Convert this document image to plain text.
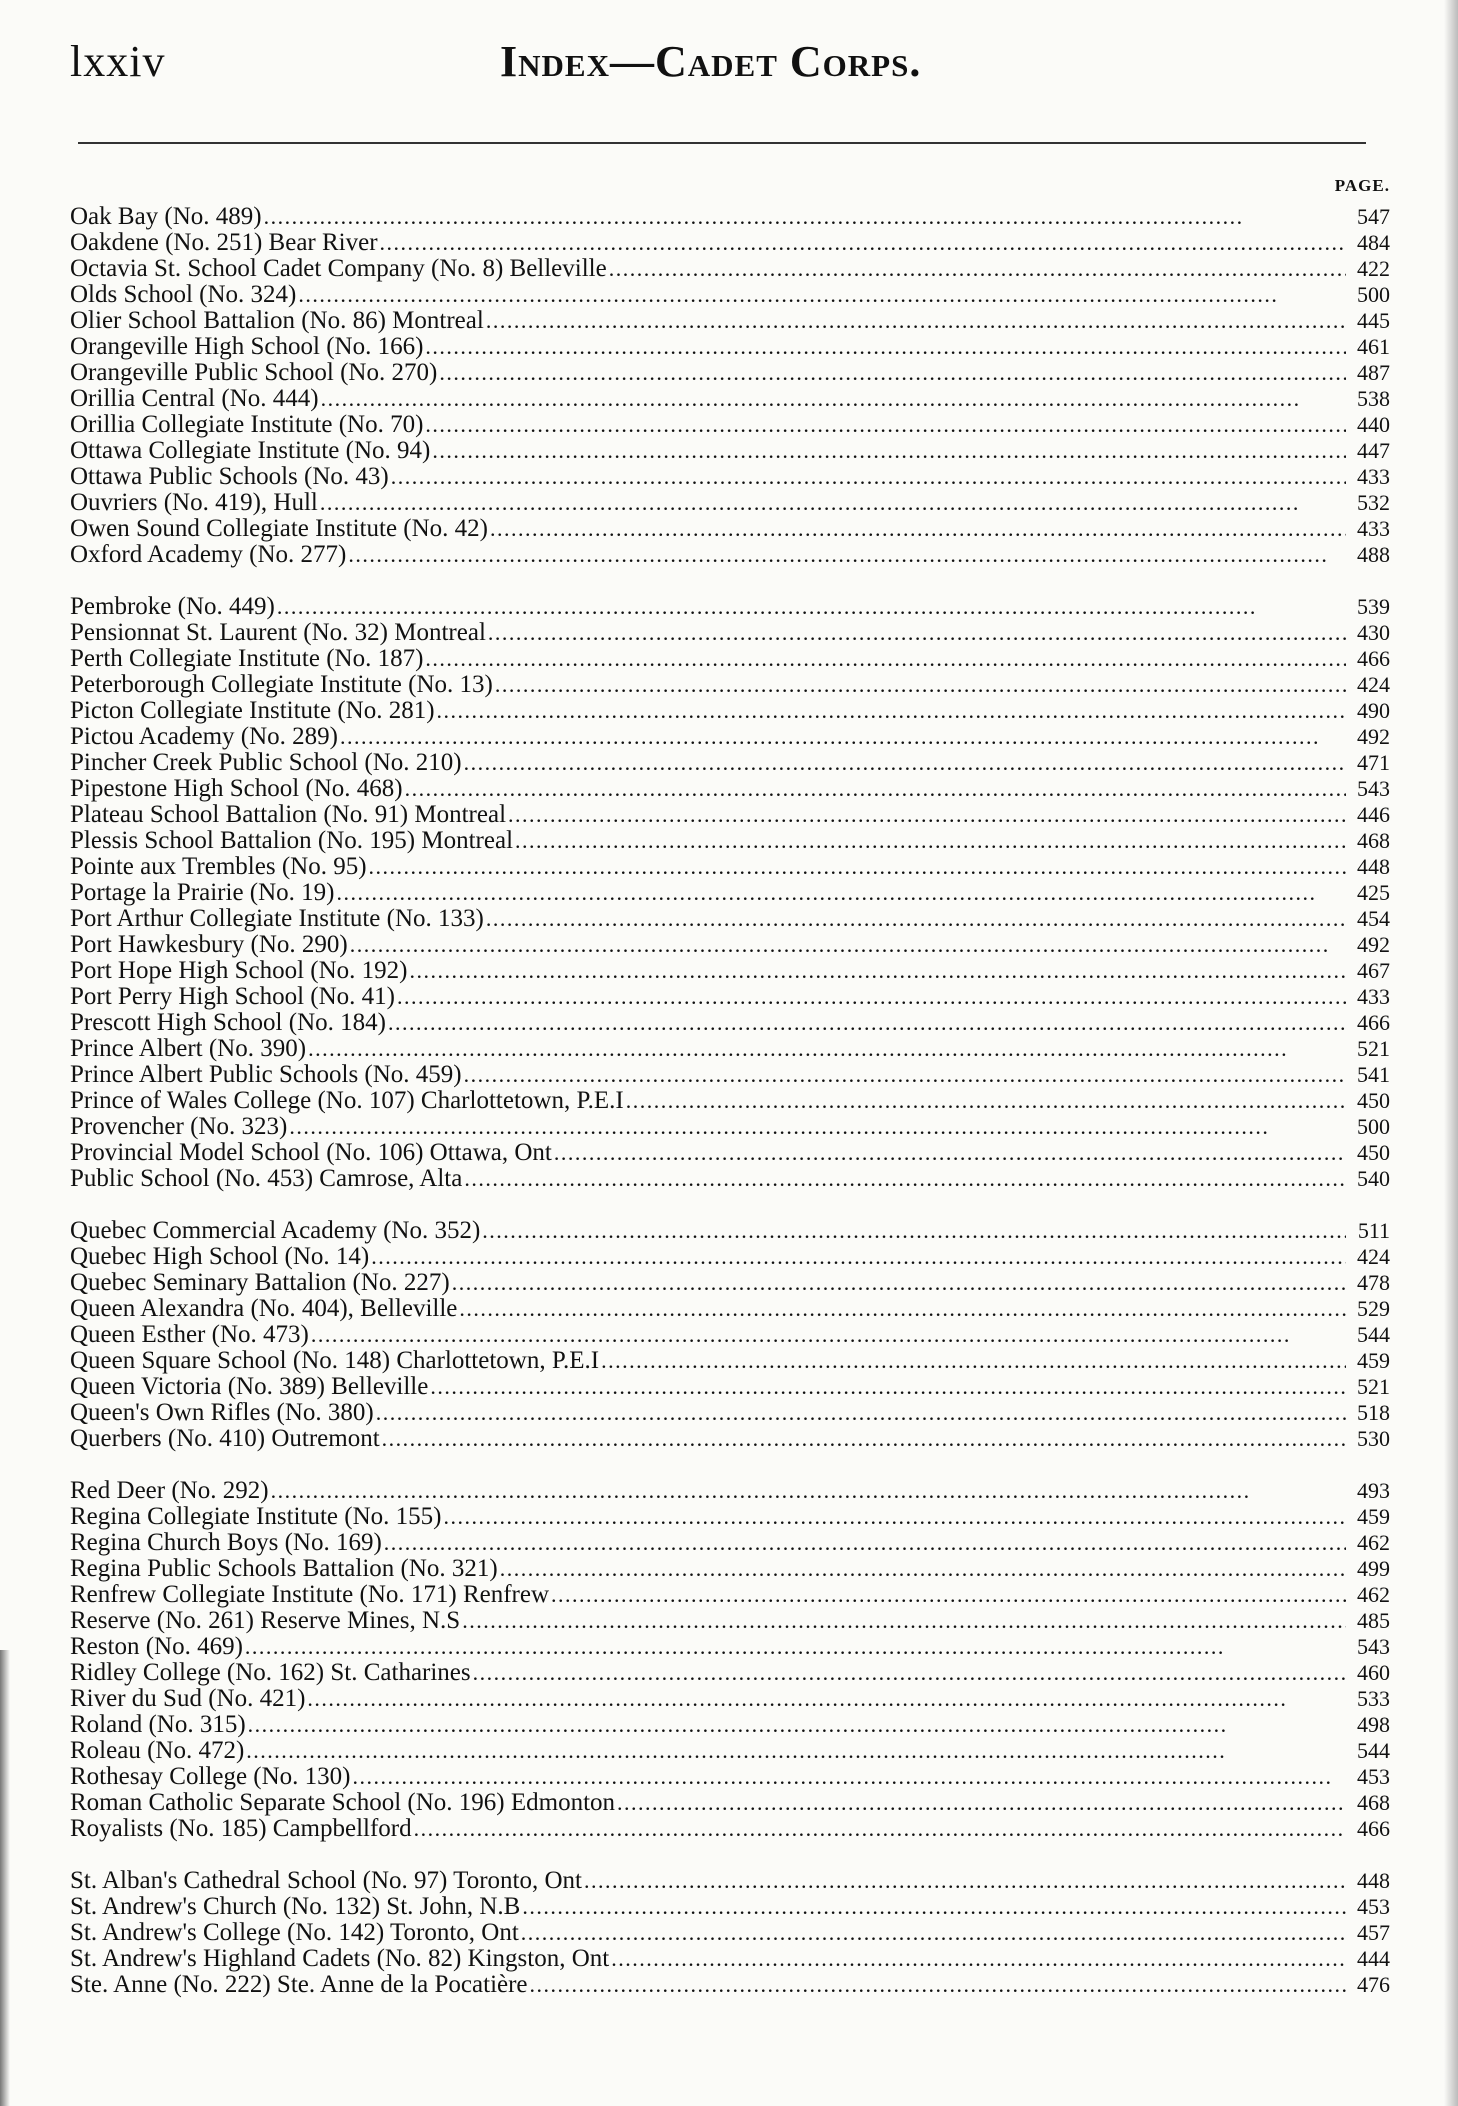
lxxiv	Index—Cadet Corps.
PAGE.
Oak Bay (No. 489) . . .	547
Oakdene (No. 251) Bear River . . .	484
Octavia St. School Cadet Company (No. 8) Belleville . . .	422
Olds School (No. 324) . . .	500
Olier School Battalion (No. 86) Montreal . . .	445
Orangeville High School (No. 166) . . .	461
Orangeville Public School (No. 270) . . .	487
Orillia Central (No. 444) . . .	538
Orillia Collegiate Institute (No. 70) . . .	440
Ottawa Collegiate Institute (No. 94) . . .	447
Ottawa Public Schools (No. 43) . . .	433
Ouvriers (No. 419), Hull . . .	532
Owen Sound Collegiate Institute (No. 42) . . .	433
Oxford Academy (No. 277) . . .	488
Pembroke (No. 449) . . .	539
Pensionnat St. Laurent (No. 32) Montreal . . .	430
Perth Collegiate Institute (No. 187) . . .	466
Peterborough Collegiate Institute (No. 13) . . .	424
Picton Collegiate Institute (No. 281) . . .	490
Pictou Academy (No. 289) . . .	492
Pincher Creek Public School (No. 210) . . .	471
Pipestone High School (No. 468) . . .	543
Plateau School Battalion (No. 91) Montreal . . .	446
Plessis School Battalion (No. 195) Montreal . . .	468
Pointe aux Trembles (No. 95) . . .	448
Portage la Prairie (No. 19) . . .	425
Port Arthur Collegiate Institute (No. 133) . . .	454
Port Hawkesbury (No. 290) . . .	492
Port Hope High School (No. 192) . . .	467
Port Perry High School (No. 41) . . .	433
Prescott High School (No. 184) . . .	466
Prince Albert (No. 390) . . .	521
Prince Albert Public Schools (No. 459) . . .	541
Prince of Wales College (No. 107) Charlottetown, P.E.I . . .	450
Provencher (No. 323) . . .	500
Provincial Model School (No. 106) Ottawa, Ont . . .	450
Public School (No. 453) Camrose, Alta . . .	540
Quebec Commercial Academy (No. 352) . . .	511
Quebec High School (No. 14) . . .	424
Quebec Seminary Battalion (No. 227) . . .	478
Queen Alexandra (No. 404), Belleville . . .	529
Queen Esther (No. 473) . . .	544
Queen Square School (No. 148) Charlottetown, P.E.I . . .	459
Queen Victoria (No. 389) Belleville . . .	521
Queen's Own Rifles (No. 380) . . .	518
Querbers (No. 410) Outremont . . .	530
Red Deer (No. 292) . . .	493
Regina Collegiate Institute (No. 155) . . .	459
Regina Church Boys (No. 169) . . .	462
Regina Public Schools Battalion (No. 321) . . .	499
Renfrew Collegiate Institute (No. 171) Renfrew . . .	462
Reserve (No. 261) Reserve Mines, N.S . . .	485
Reston (No. 469) . . .	543
Ridley College (No. 162) St. Catharines . . .	460
River du Sud (No. 421) . . .	533
Roland (No. 315) . . .	498
Roleau (No. 472) . . .	544
Rothesay College (No. 130) . . .	453
Roman Catholic Separate School (No. 196) Edmonton . . .	468
Royalists (No. 185) Campbellford . . .	466
St. Alban's Cathedral School (No. 97) Toronto, Ont . . .	448
St. Andrew's Church (No. 132) St. John, N.B . . .	453
St. Andrew's College (No. 142) Toronto, Ont . . .	457
St. Andrew's Highland Cadets (No. 82) Kingston, Ont . . .	444
Ste. Anne (No. 222) Ste. Anne de la Pocatière . . .	476
